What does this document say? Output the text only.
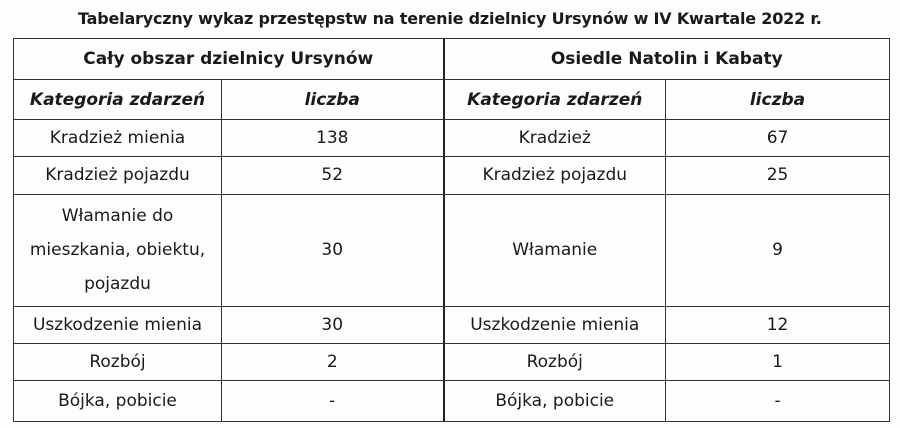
Tabelaryczny wykaz przestępstw na terenie dzielnicy Ursynów w IV Kwartale 2022 r.
Cały obszar dzielnicy Ursynów		Osiedle Natolin i Kabaty	
Kategoria zdarzeń	liczba	Kategoria zdarzeń	liczba
Kradzież mienia	138	Kradzież	67
Kradzież pojazdu	52	Kradzież pojazdu	25
Włamanie do mieszkania, obiektu, pojazdu	30	Włamanie	9
Uszkodzenie mienia	30	Uszkodzenie mienia	12
Rozbój	2	Rozbój	1
Bójka, pobicie	-	Bójka, pobicie	-
